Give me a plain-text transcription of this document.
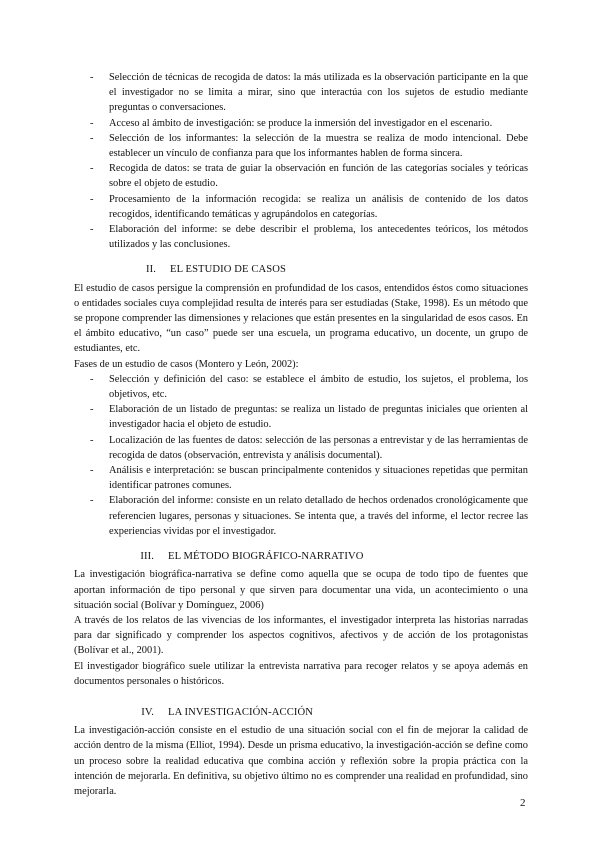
- Selección de técnicas de recogida de datos: la más utilizada es la observación participante en la que el investigador no se limita a mirar, sino que interactúa con los sujetos de estudio mediante preguntas o conversaciones.
- Acceso al ámbito de investigación: se produce la inmersión del investigador en el escenario.
- Selección de los informantes: la selección de la muestra se realiza de modo intencional. Debe establecer un vínculo de confianza para que los informantes hablen de forma sincera.
- Recogida de datos: se trata de guiar la observación en función de las categorías sociales y teóricas sobre el objeto de estudio.
- Procesamiento de la información recogida: se realiza un análisis de contenido de los datos recogidos, identificando temáticas y agrupándolos en categorías.
- Elaboración del informe: se debe describir el problema, los antecedentes teóricos, los métodos utilizados y las conclusiones.
II. EL ESTUDIO DE CASOS

El estudio de casos persigue la comprensión en profundidad de los casos, entendidos éstos como situaciones o entidades sociales cuya complejidad resulta de interés para ser estudiadas (Stake, 1998). Es un método que se propone comprender las dimensiones y relaciones que están presentes en la singularidad de esos casos. En el ámbito educativo, “un caso” puede ser una escuela, un programa educativo, un docente, un grupo de estudiantes, etc.

Fases de un estudio de casos (Montero y León, 2002):

- Selección y definición del caso: se establece el ámbito de estudio, los sujetos, el problema, los objetivos, etc.
- Elaboración de un listado de preguntas: se realiza un listado de preguntas iniciales que orienten al investigador hacia el objeto de estudio.
- Localización de las fuentes de datos: selección de las personas a entrevistar y de las herramientas de recogida de datos (observación, entrevista y análisis documental).
- Análisis e interpretación: se buscan principalmente contenidos y situaciones repetidas que permitan identificar patrones comunes.
- Elaboración del informe: consiste en un relato detallado de hechos ordenados cronológicamente que referencien lugares, personas y situaciones. Se intenta que, a través del informe, el lector recree las experiencias vividas por el investigador.
III. EL MÉTODO BIOGRÁFICO-NARRATIVO

La investigación biográfica-narrativa se define como aquella que se ocupa de todo tipo de fuentes que aportan información de tipo personal y que sirven para documentar una vida, un acontecimiento o una situación social (Bolívar y Domínguez, 2006)

A través de los relatos de las vivencias de los informantes, el investigador interpreta las historias narradas para dar significado y comprender los aspectos cognitivos, afectivos y de acción de los protagonistas (Bolívar et al., 2001).

El investigador biográfico suele utilizar la entrevista narrativa para recoger relatos y se apoya además en documentos personales o históricos.

IV. LA INVESTIGACIÓN-ACCIÓN

La investigación-acción consiste en el estudio de una situación social con el fin de mejorar la calidad de acción dentro de la misma (Elliot, 1994). Desde un prisma educativo, la investigación-acción se define como un proceso sobre la realidad educativa que combina acción y reflexión sobre la propia práctica con la intención de mejorarla. En definitiva, su objetivo último no es comprender una realidad en profundidad, sino mejorarla.

2
